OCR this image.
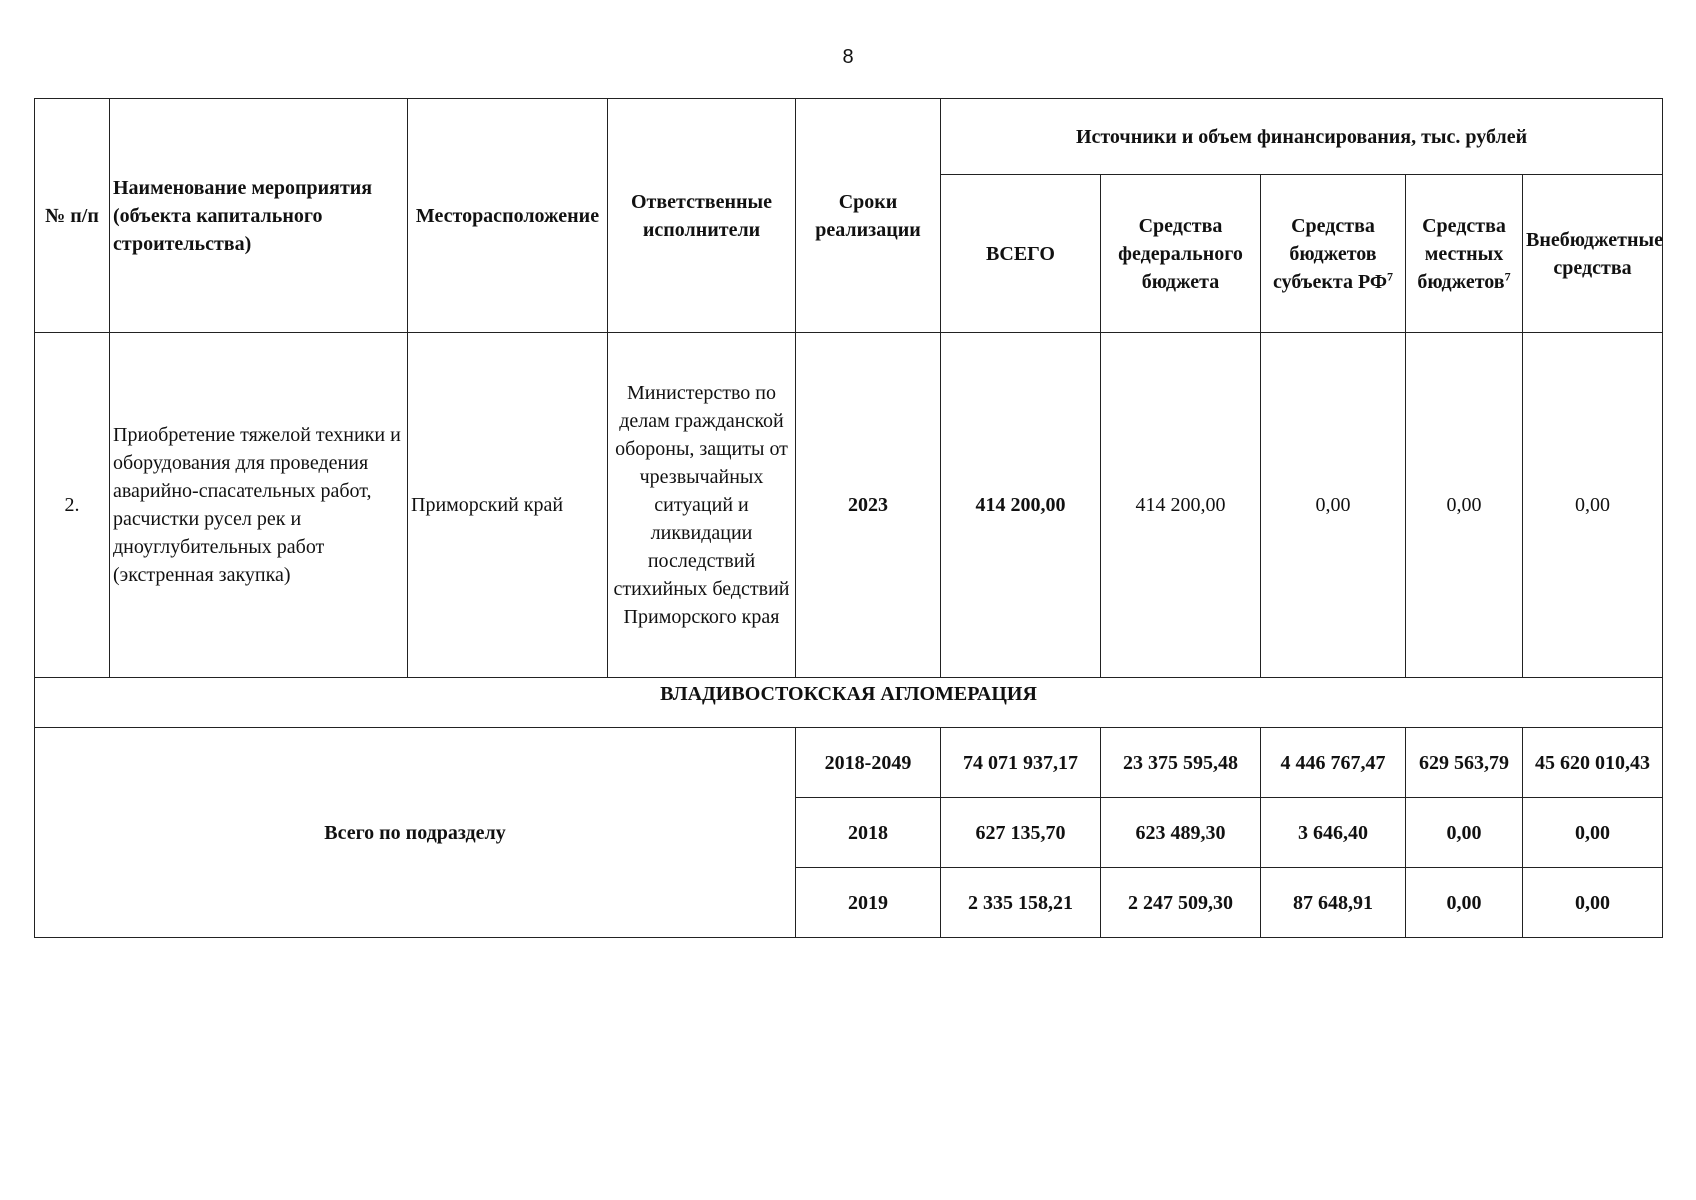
8
№ п/п	Наименование мероприятия (объекта капитального строительства)	Месторасположение	Ответственные исполнители	Сроки реализации	Источники и объем финансирования, тыс. рублей				
					ВСЕГО	Средства федерального бюджета	Средства бюджетов субъекта $РФ^7$	Средства местных бюджетов$^7$	Внебюджетные средства
2.	Приобретение тяжелой техники и оборудования для проведения аварийно-спасательных работ, расчистки русел рек и дноуглубительных работ (экстренная закупка)	Приморский край	Министерство по делам гражданской обороны, защиты от чрезвычайных ситуаций и ликвидации последствий стихийных бедствий Приморского края	2023	414 200,00	414 200,00	0,00	0,00	0,00
ВЛАДИВОСТОКСКАЯ АГЛОМЕРАЦИЯ									
Всего по подразделу				2018-2049	74 071 937,17	23 375 595,48	4 446 767,47	629 563,79	45 620 010,43
				2018	627 135,70	623 489,30	3 646,40	0,00	0,00
				2019	2 335 158,21	2 247 509,30	87 648,91	0,00	0,00
